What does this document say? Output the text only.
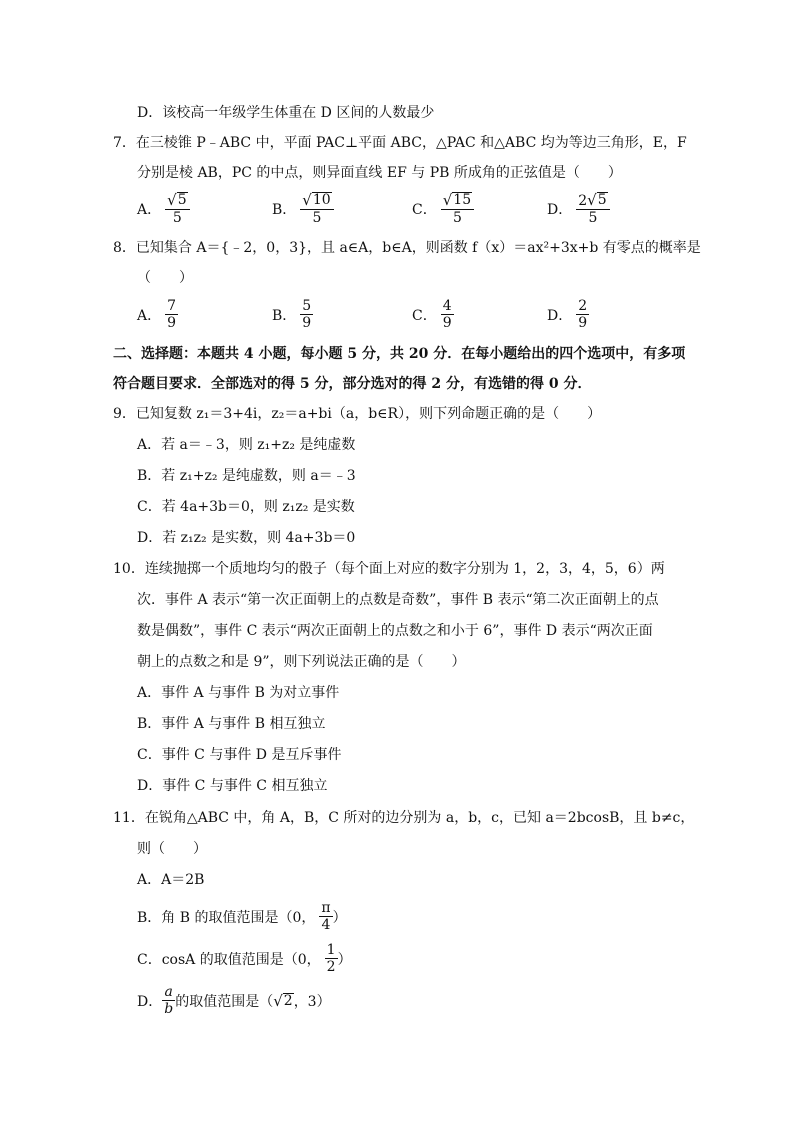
D．该校高一年级学生体重在 D 区间的人数最少
7．在三棱锥 P﹣ABC 中，平面 PAC⊥平面 ABC，△PAC 和△ABC 均为等边三角形，E，F
分别是棱 AB，PC 的中点，则异面直线 EF 与 PB 所成角的正弦值是（　　）
A． $\frac{√ 5}{5}$	B． $\frac{√ 10}{5}$	C． $\frac{√ 15}{5}$	D． $\frac{2 √ 5}{5}$
8．已知集合 A＝{﹣2，0，3}，且 a∈A，b∈A，则函数 f（x）＝ax²+3x+b 有零点的概率是
（　　）
A． $\frac{7}{9}$	B． $\frac{5}{9}$	C． $\frac{4}{9}$	D． $\frac{2}{9}$
二、选择题：本题共 4 小题，每小题 5 分，共 20 分．在每小题给出的四个选项中，有多项
符合题目要求．全部选对的得 5 分，部分选对的得 2 分，有选错的得 0 分．
9．已知复数 z₁＝3+4i，z₂＝a+bi（a，b∈R），则下列命题正确的是（　　）
A．若 a＝﹣3，则 z₁+z₂ 是纯虚数
B．若 z₁+z₂ 是纯虚数，则 a＝﹣3
C．若 4a+3b＝0，则 z₁z₂ 是实数
D．若 z₁z₂ 是实数，则 4a+3b＝0
10．连续抛掷一个质地均匀的骰子（每个面上对应的数字分别为 1，2，3，4，5，6）两
次．事件 A 表示“第一次正面朝上的点数是奇数”，事件 B 表示“第二次正面朝上的点
数是偶数”，事件 C 表示“两次正面朝上的点数之和小于 6”，事件 D 表示“两次正面
朝上的点数之和是 9”，则下列说法正确的是（　　）
A．事件 A 与事件 B 为对立事件
B．事件 A 与事件 B 相互独立
C．事件 C 与事件 D 是互斥事件
D．事件 C 与事件 C 相互独立
11．在锐角△ABC 中，角 A，B，C 所对的边分别为 a，b，c，已知 a＝2bcosB，且 b≠c，
则（　　）
A．A＝2B
B．角 B 的取值范围是（0， $\frac{\pi}{4}$ ）
C．cosA 的取值范围是（0， $\frac{1}{2}$ ）
D． $\frac{a}{b}$ 的取值范围是（ √ 2 ，3）
